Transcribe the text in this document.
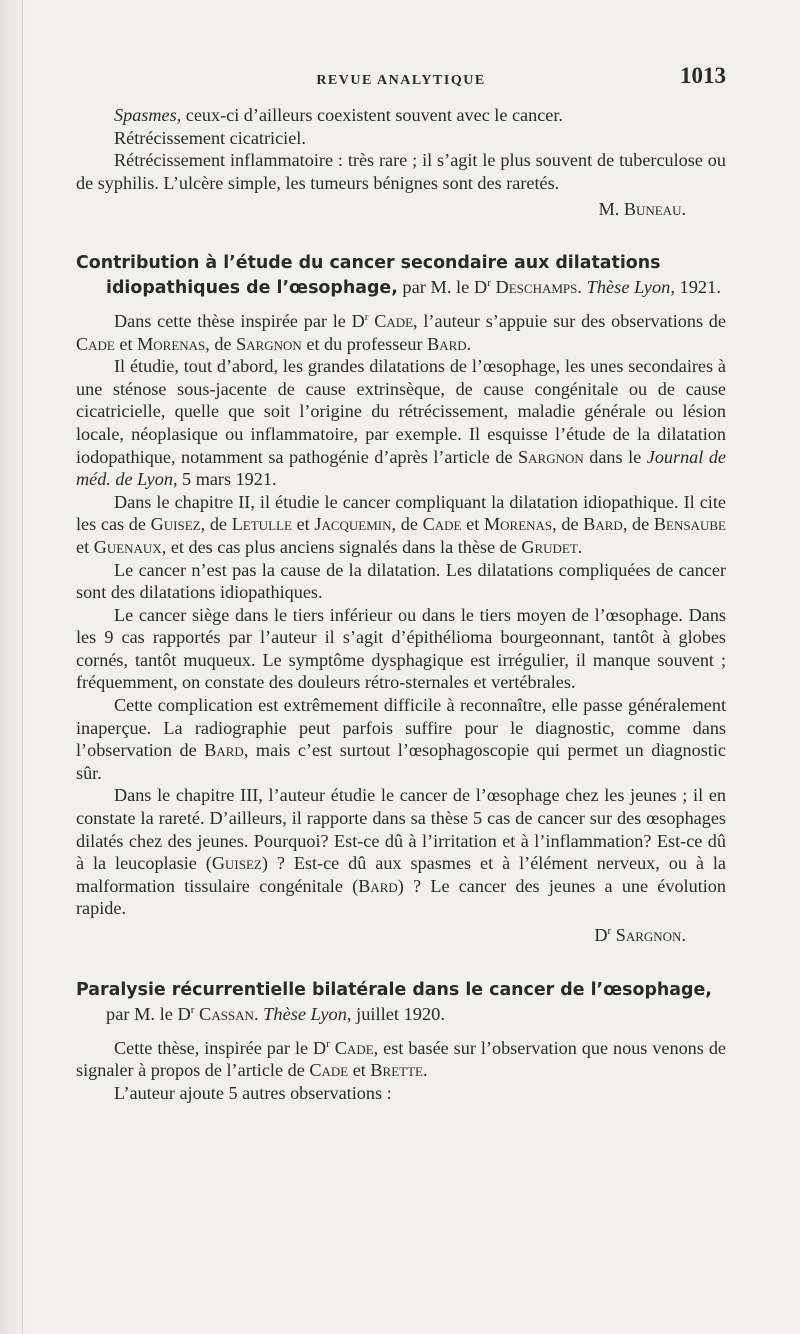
REVUE ANALYTIQUE	1013

Spasmes, ceux-ci d’ailleurs coexistent souvent avec le cancer.

Rétrécissement cicatriciel.

Rétrécissement inflammatoire : très rare ; il s’agit le plus souvent de tuberculose ou de syphilis. L’ulcère simple, les tumeurs bénignes sont des raretés.

M. Buneau.

Contribution à l’étude du cancer secondaire aux dilatations idiopathiques de l’œsophage, par M. le $D^r$ Deschamps. Thèse Lyon, 1921.

Dans cette thèse inspirée par le $D^r$ Cade, l’auteur s’appuie sur des observations de Cade et Morenas, de Sargnon et du professeur Bard.

Il étudie, tout d’abord, les grandes dilatations de l’œsophage, les unes secondaires à une sténose sous-jacente de cause extrinsèque, de cause congénitale ou de cause cicatricielle, quelle que soit l’origine du rétrécissement, maladie générale ou lésion locale, néoplasique ou inflammatoire, par exemple. Il esquisse l’étude de la dilatation iodopathique, notamment sa pathogénie d’après l’article de Sargnon dans le Journal de méd. de Lyon, 5 mars 1921.

Dans le chapitre II, il étudie le cancer compliquant la dilatation idiopathique. Il cite les cas de Guisez, de Letulle et Jacquemin, de Cade et Morenas, de Bard, de Bensaube et Guenaux, et des cas plus anciens signalés dans la thèse de Grudet.

Le cancer n’est pas la cause de la dilatation. Les dilatations compliquées de cancer sont des dilatations idiopathiques.

Le cancer siège dans le tiers inférieur ou dans le tiers moyen de l’œsophage. Dans les 9 cas rapportés par l’auteur il s’agit d’épithélioma bourgeonnant, tantôt à globes cornés, tantôt muqueux. Le symptôme dysphagique est irrégulier, il manque souvent ; fréquemment, on constate des douleurs rétro-sternales et vertébrales.

Cette complication est extrêmement difficile à reconnaître, elle passe généralement inaperçue. La radiographie peut parfois suffire pour le diagnostic, comme dans l’observation de Bard, mais c’est surtout l’œsophagoscopie qui permet un diagnostic sûr.

Dans le chapitre III, l’auteur étudie le cancer de l’œsophage chez les jeunes ; il en constate la rareté. D’ailleurs, il rapporte dans sa thèse 5 cas de cancer sur des œsophages dilatés chez des jeunes. Pourquoi? Est-ce dû à l’irritation et à l’inflammation? Est-ce dû à la leucoplasie (Guisez) ? Est-ce dû aux spasmes et à l’élément nerveux, ou à la malformation tissulaire congénitale (Bard) ? Le cancer des jeunes a une évolution rapide.

$D^r$ Sargnon.

Paralysie récurrentielle bilatérale dans le cancer de l’œsophage, par M. le $D^r$ Cassan. Thèse Lyon, juillet 1920.

Cette thèse, inspirée par le $D^r$ Cade, est basée sur l’observation que nous venons de signaler à propos de l’article de Cade et Brette.

L’auteur ajoute 5 autres observations :
